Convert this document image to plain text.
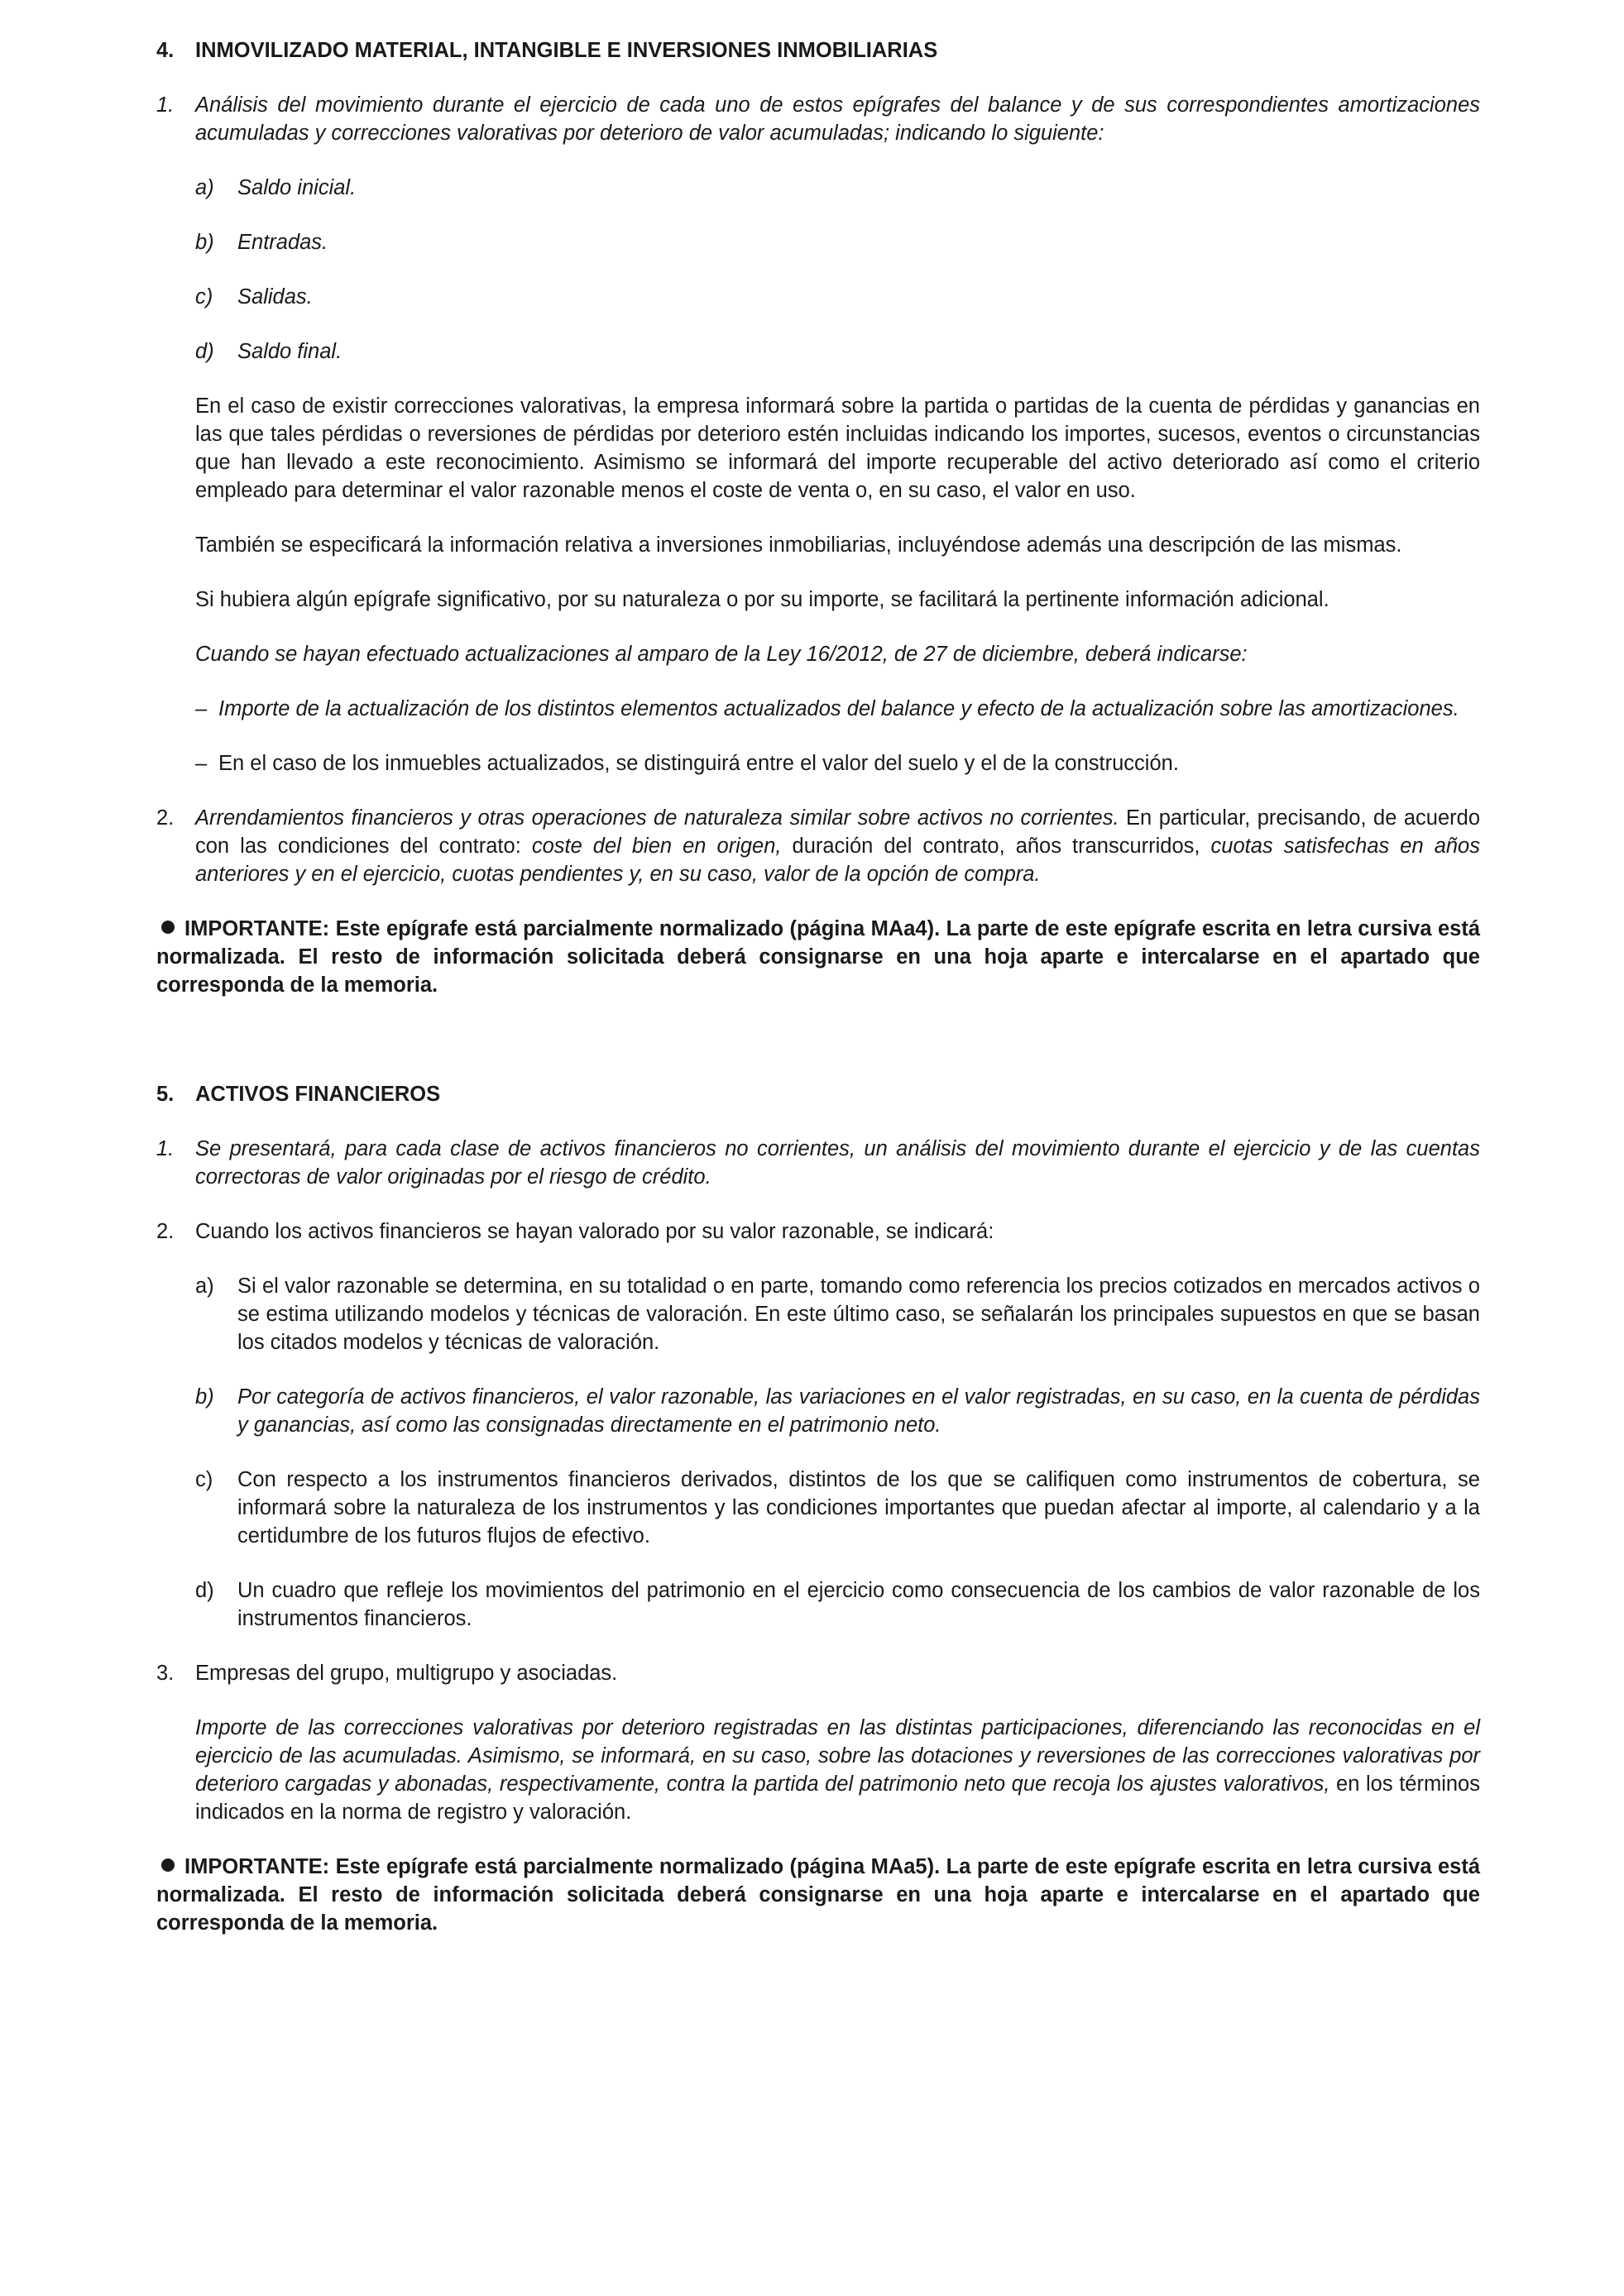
4.	INMOVILIZADO MATERIAL, INTANGIBLE E INVERSIONES INMOBILIARIAS
1.	Análisis del movimiento durante el ejercicio de cada uno de estos epígrafes del balance y de sus correspondientes amortizaciones acumuladas y correcciones valorativas por deterioro de valor acumuladas; indicando lo siguiente:
a)	Saldo inicial.
b)	Entradas.
c)	Salidas.
d)	Saldo final.
En el caso de existir correcciones valorativas, la empresa informará sobre la partida o partidas de la cuenta de pérdidas y ganancias en las que tales pérdidas o reversiones de pérdidas por deterioro estén incluidas indicando los importes, sucesos, eventos o circunstancias que han llevado a este reconocimiento. Asimismo se informará del importe recuperable del activo deteriorado así como el criterio empleado para determinar el valor razonable menos el coste de venta o, en su caso, el valor en uso.
También se especificará la información relativa a inversiones inmobiliarias, incluyéndose además una descripción de las mismas.
Si hubiera algún epígrafe significativo, por su naturaleza o por su importe, se facilitará la pertinente información adicional.
Cuando se hayan efectuado actualizaciones al amparo de la Ley 16/2012, de 27 de diciembre, deberá indicarse:
– Importe de la actualización de los distintos elementos actualizados del balance y efecto de la actualización sobre las amortizaciones.
– En el caso de los inmuebles actualizados, se distinguirá entre el valor del suelo y el de la construcción.
2.	Arrendamientos financieros y otras operaciones de naturaleza similar sobre activos no corrientes. En particular, precisando, de acuerdo con las condiciones del contrato: coste del bien en origen, duración del contrato, años transcurridos, cuotas satisfechas en años anteriores y en el ejercicio, cuotas pendientes y, en su caso, valor de la opción de compra.
IMPORTANTE: Este epígrafe está parcialmente normalizado (página MAa4). La parte de este epígrafe escrita en letra cursiva está normalizada. El resto de información solicitada deberá consignarse en una hoja aparte e intercalarse en el apartado que corresponda de la memoria.
5.	ACTIVOS FINANCIEROS
1.	Se presentará, para cada clase de activos financieros no corrientes, un análisis del movimiento durante el ejercicio y de las cuentas correctoras de valor originadas por el riesgo de crédito.
2.	Cuando los activos financieros se hayan valorado por su valor razonable, se indicará:
a)	Si el valor razonable se determina, en su totalidad o en parte, tomando como referencia los precios cotizados en mercados activos o se estima utilizando modelos y técnicas de valoración. En este último caso, se señalarán los principales supuestos en que se basan los citados modelos y técnicas de valoración.
b)	Por categoría de activos financieros, el valor razonable, las variaciones en el valor registradas, en su caso, en la cuenta de pérdidas y ganancias, así como las consignadas directamente en el patrimonio neto.
c)	Con respecto a los instrumentos financieros derivados, distintos de los que se califiquen como instrumentos de cobertura, se informará sobre la naturaleza de los instrumentos y las condiciones importantes que puedan afectar al importe, al calendario y a la certidumbre de los futuros flujos de efectivo.
d)	Un cuadro que refleje los movimientos del patrimonio en el ejercicio como consecuencia de los cambios de valor razonable de los instrumentos financieros.
3.	Empresas del grupo, multigrupo y asociadas.
Importe de las correcciones valorativas por deterioro registradas en las distintas participaciones, diferenciando las reconocidas en el ejercicio de las acumuladas. Asimismo, se informará, en su caso, sobre las dotaciones y reversiones de las correcciones valorativas por deterioro cargadas y abonadas, respectivamente, contra la partida del patrimonio neto que recoja los ajustes valorativos, en los términos indicados en la norma de registro y valoración.
IMPORTANTE: Este epígrafe está parcialmente normalizado (página MAa5). La parte de este epígrafe escrita en letra cursiva está normalizada. El resto de información solicitada deberá consignarse en una hoja aparte e intercalarse en el apartado que corresponda de la memoria.
